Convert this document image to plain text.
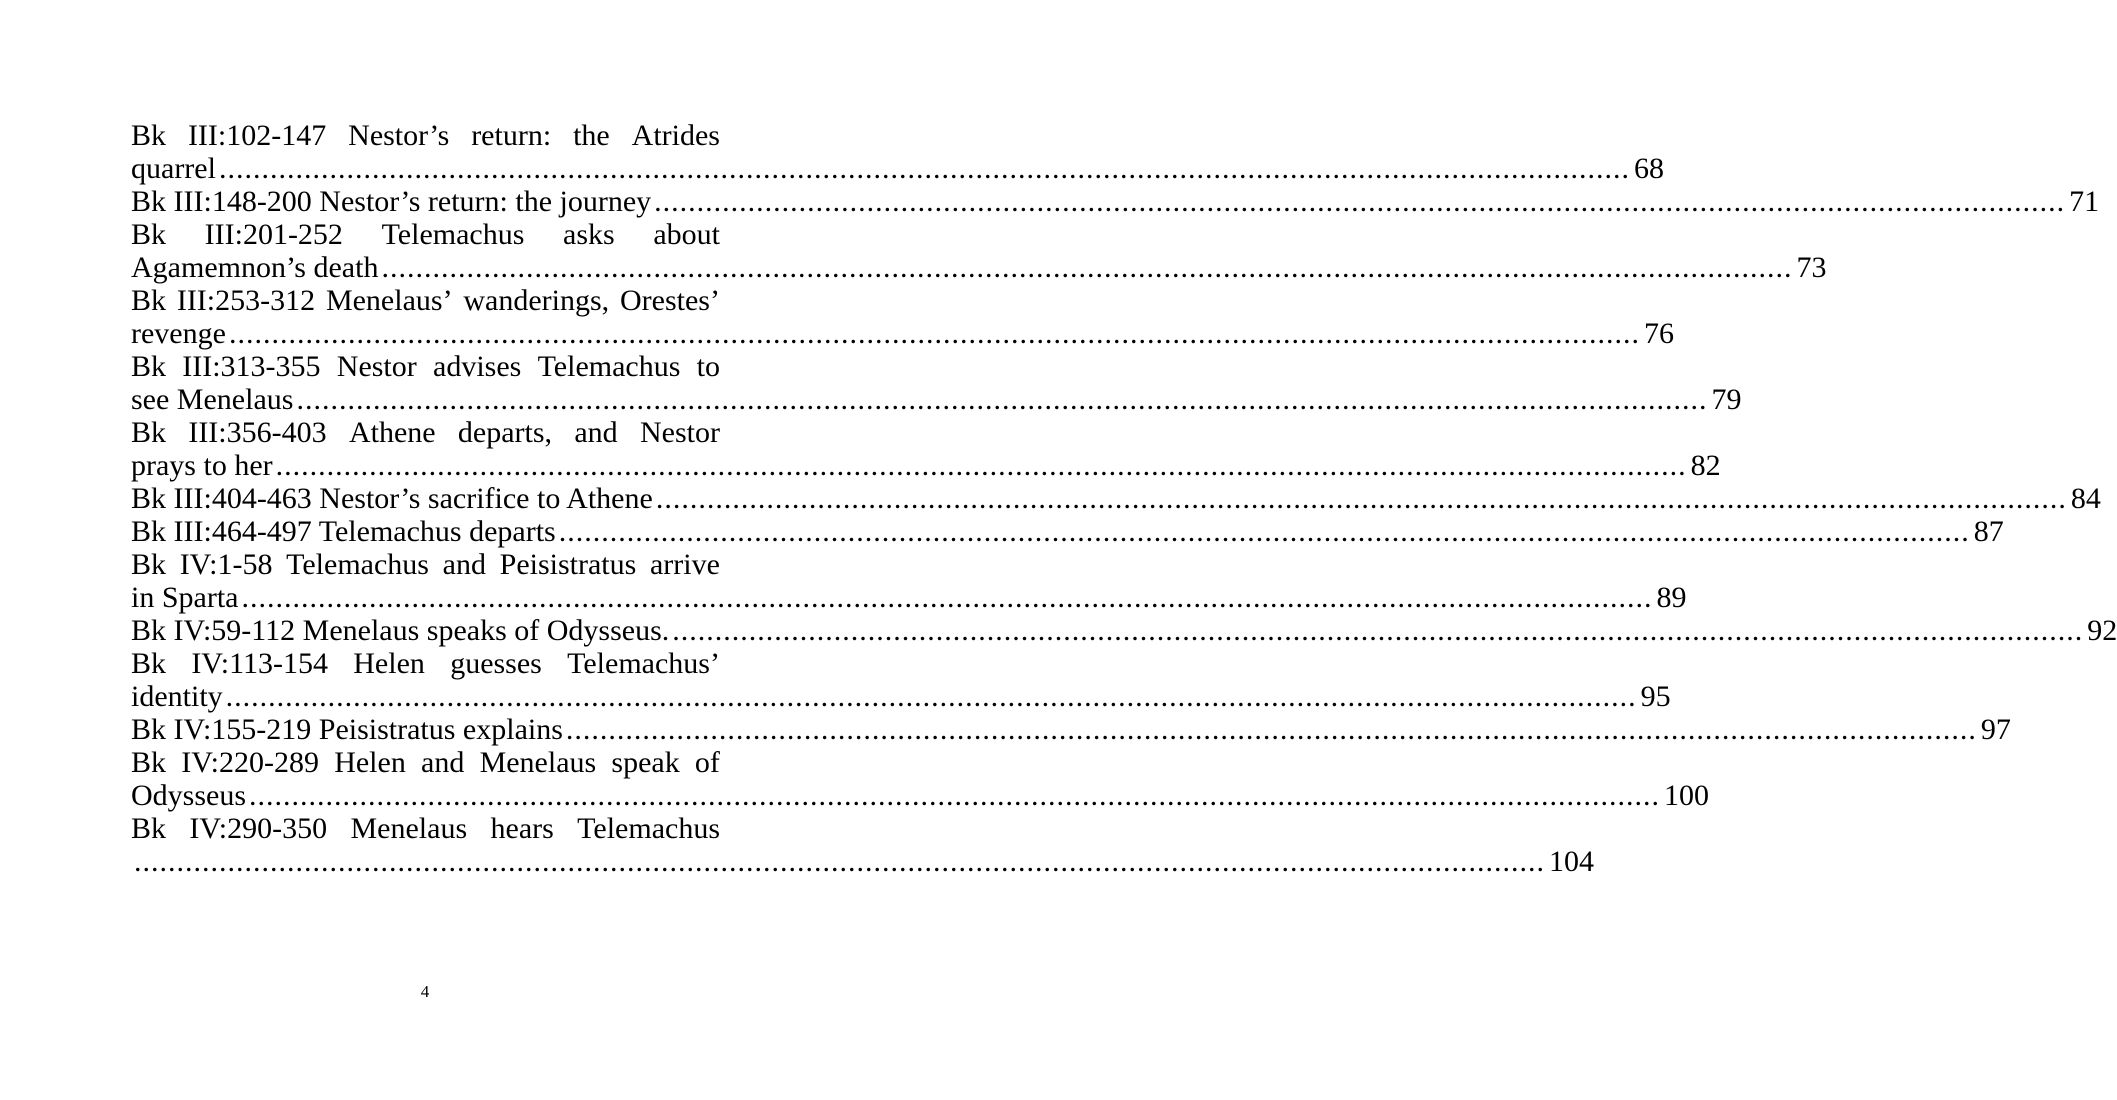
Bk III:102-147 Nestor’s return: the Atrides
quarrel ...................................................................................................................................................................... 68
Bk III:148-200 Nestor’s return: the journey ...................................................................................................................................................................... 71
Bk III:201-252 Telemachus asks about
Agamemnon’s death ...................................................................................................................................................................... 73
Bk III:253-312 Menelaus’ wanderings, Orestes’
revenge ...................................................................................................................................................................... 76
Bk III:313-355 Nestor advises Telemachus to
see Menelaus ...................................................................................................................................................................... 79
Bk III:356-403 Athene departs, and Nestor
prays to her ...................................................................................................................................................................... 82
Bk III:404-463 Nestor’s sacrifice to Athene ...................................................................................................................................................................... 84
Bk III:464-497 Telemachus departs ...................................................................................................................................................................... 87
Bk IV:1-58 Telemachus and Peisistratus arrive
in Sparta ...................................................................................................................................................................... 89
Bk IV:59-112 Menelaus speaks of Odysseus. ...................................................................................................................................................................... 92
Bk IV:113-154 Helen guesses Telemachus’
identity ...................................................................................................................................................................... 95
Bk IV:155-219 Peisistratus explains ...................................................................................................................................................................... 97
Bk IV:220-289 Helen and Menelaus speak of
Odysseus ...................................................................................................................................................................... 100
Bk IV:290-350 Menelaus hears Telemachus
...................................................................................................................................................................... 104
4
